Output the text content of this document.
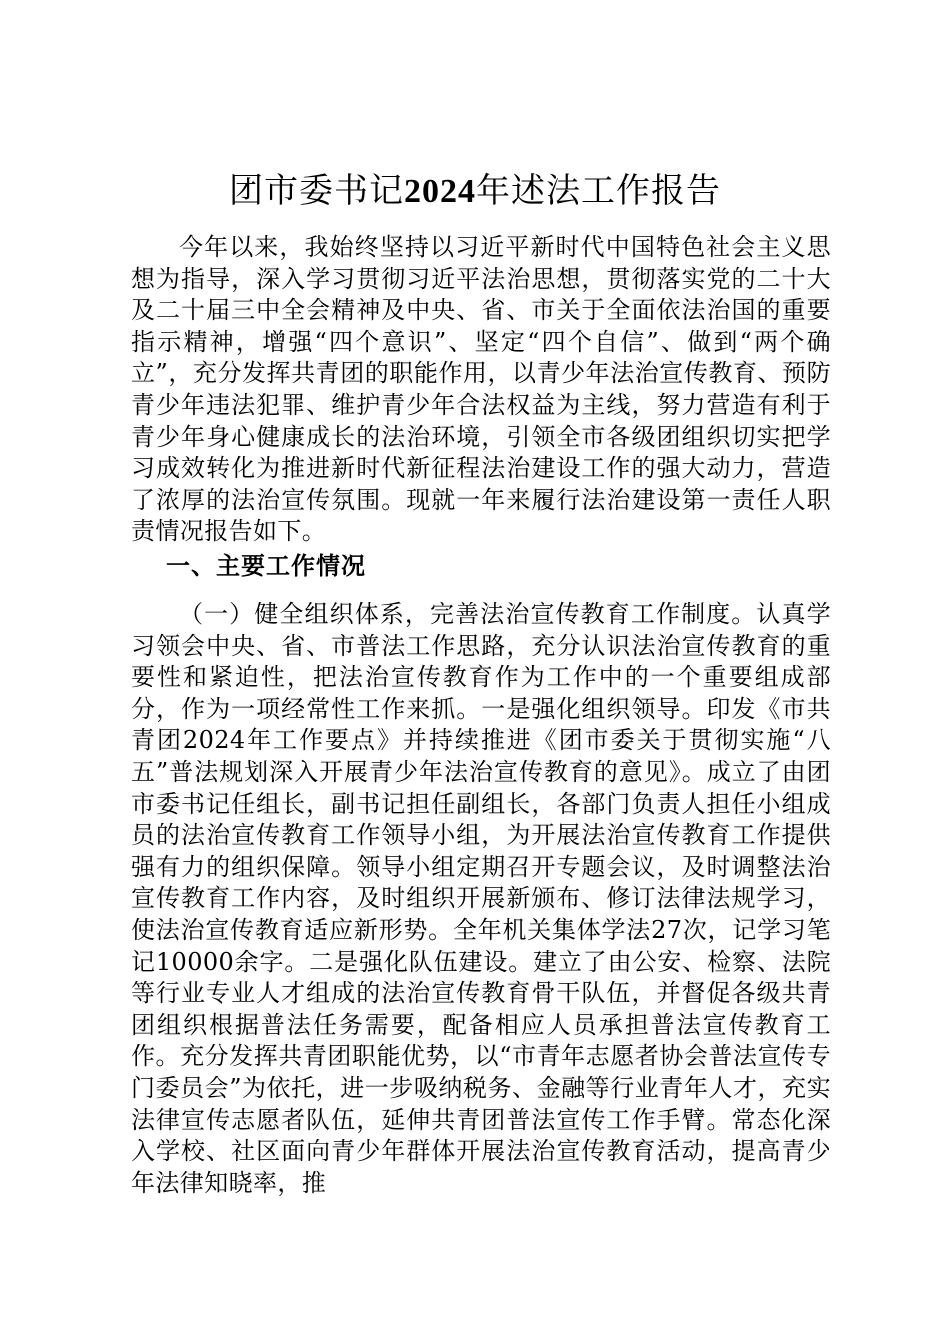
团市委书记2024年述法工作报告

今年以来，我始终坚持以习近平新时代中国特色社会主义思想为指导，深入学习贯彻习近平法治思想，贯彻落实党的二十大及二十届三中全会精神及中央、省、市关于全面依法治国的重要指示精神，增强“四个意识”、坚定“四个自信”、做到“两个确立”，充分发挥共青团的职能作用，以青少年法治宣传教育、预防青少年违法犯罪、维护青少年合法权益为主线，努力营造有利于青少年身心健康成长的法治环境，引领全市各级团组织切实把学习成效转化为推进新时代新征程法治建设工作的强大动力，营造了浓厚的法治宣传氛围。现就一年来履行法治建设第一责任人职责情况报告如下。

一、主要工作情况

（一）健全组织体系，完善法治宣传教育工作制度。认真学习领会中央、省、市普法工作思路，充分认识法治宣传教育的重要性和紧迫性，把法治宣传教育作为工作中的一个重要组成部分，作为一项经常性工作来抓。一是强化组织领导。印发《市共青团2024年工作要点》并持续推进《团市委关于贯彻实施“八五”普法规划深入开展青少年法治宣传教育的意见》。成立了由团市委书记任组长，副书记担任副组长，各部门负责人担任小组成员的法治宣传教育工作领导小组，为开展法治宣传教育工作提供强有力的组织保障。领导小组定期召开专题会议，及时调整法治宣传教育工作内容，及时组织开展新颁布、修订法律法规学习，使法治宣传教育适应新形势。全年机关集体学法27次，记学习笔记10000余字。二是强化队伍建设。建立了由公安、检察、法院等行业专业人才组成的法治宣传教育骨干队伍，并督促各级共青团组织根据普法任务需要，配备相应人员承担普法宣传教育工作。充分发挥共青团职能优势，以“市青年志愿者协会普法宣传专门委员会”为依托，进一步吸纳税务、金融等行业青年人才，充实法律宣传志愿者队伍，延伸共青团普法宣传工作手臂。常态化深入学校、社区面向青少年群体开展法治宣传教育活动，提高青少年法律知晓率，推
